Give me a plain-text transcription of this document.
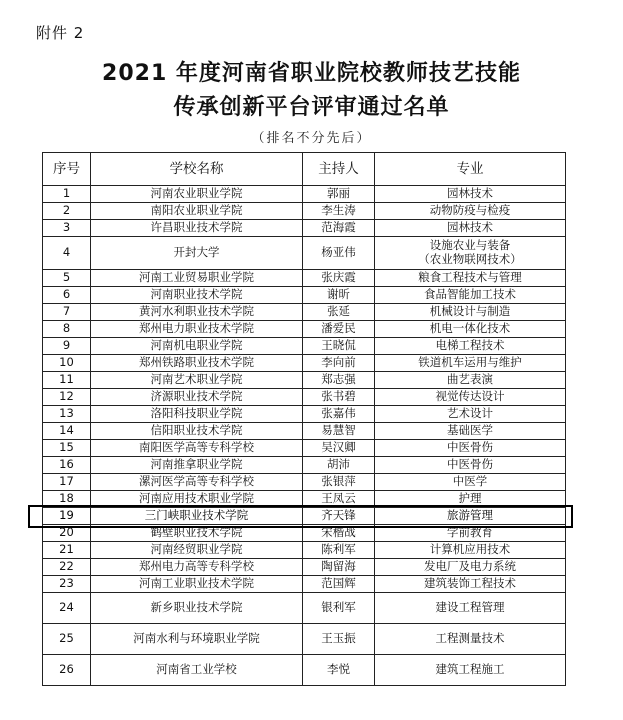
附件 2
2021 年度河南省职业院校教师技艺技能
传承创新平台评审通过名单
（排名不分先后）
序号	学校名称	主持人	专业
1	河南农业职业学院	郭丽	园林技术
2	南阳农业职业学院	李生涛	动物防疫与检疫
3	许昌职业技术学院	范海霞	园林技术
4	开封大学	杨亚伟	设施农业与装备
（农业物联网技术）

5	河南工业贸易职业学院	张庆霞	粮食工程技术与管理
6	河南职业技术学院	谢昕	食品智能加工技术
7	黄河水利职业技术学院	张延	机械设计与制造
8	郑州电力职业技术学院	潘爱民	机电一体化技术
9	河南机电职业学院	王晓侃	电梯工程技术
10	郑州铁路职业技术学院	李向前	铁道机车运用与维护
11	河南艺术职业学院	郑志强	曲艺表演
12	济源职业技术学院	张书碧	视觉传达设计
13	洛阳科技职业学院	张嘉伟	艺术设计
14	信阳职业技术学院	易慧智	基础医学
15	南阳医学高等专科学校	吴汉卿	中医骨伤
16	河南推拿职业学院	胡沛	中医骨伤
17	漯河医学高等专科学校	张银萍	中医学
18	河南应用技术职业学院	王凤云	护理
19	三门峡职业技术学院	齐天锋	旅游管理
20	鹤壁职业技术学院	宋楷战	学前教育
21	河南经贸职业学院	陈利军	计算机应用技术
22	郑州电力高等专科学校	陶留海	发电厂及电力系统
23	河南工业职业技术学院	范国辉	建筑装饰工程技术
24	新乡职业技术学院	银利军	建设工程管理
25	河南水利与环境职业学院	王玉振	工程测量技术
26	河南省工业学校	李悦	建筑工程施工
